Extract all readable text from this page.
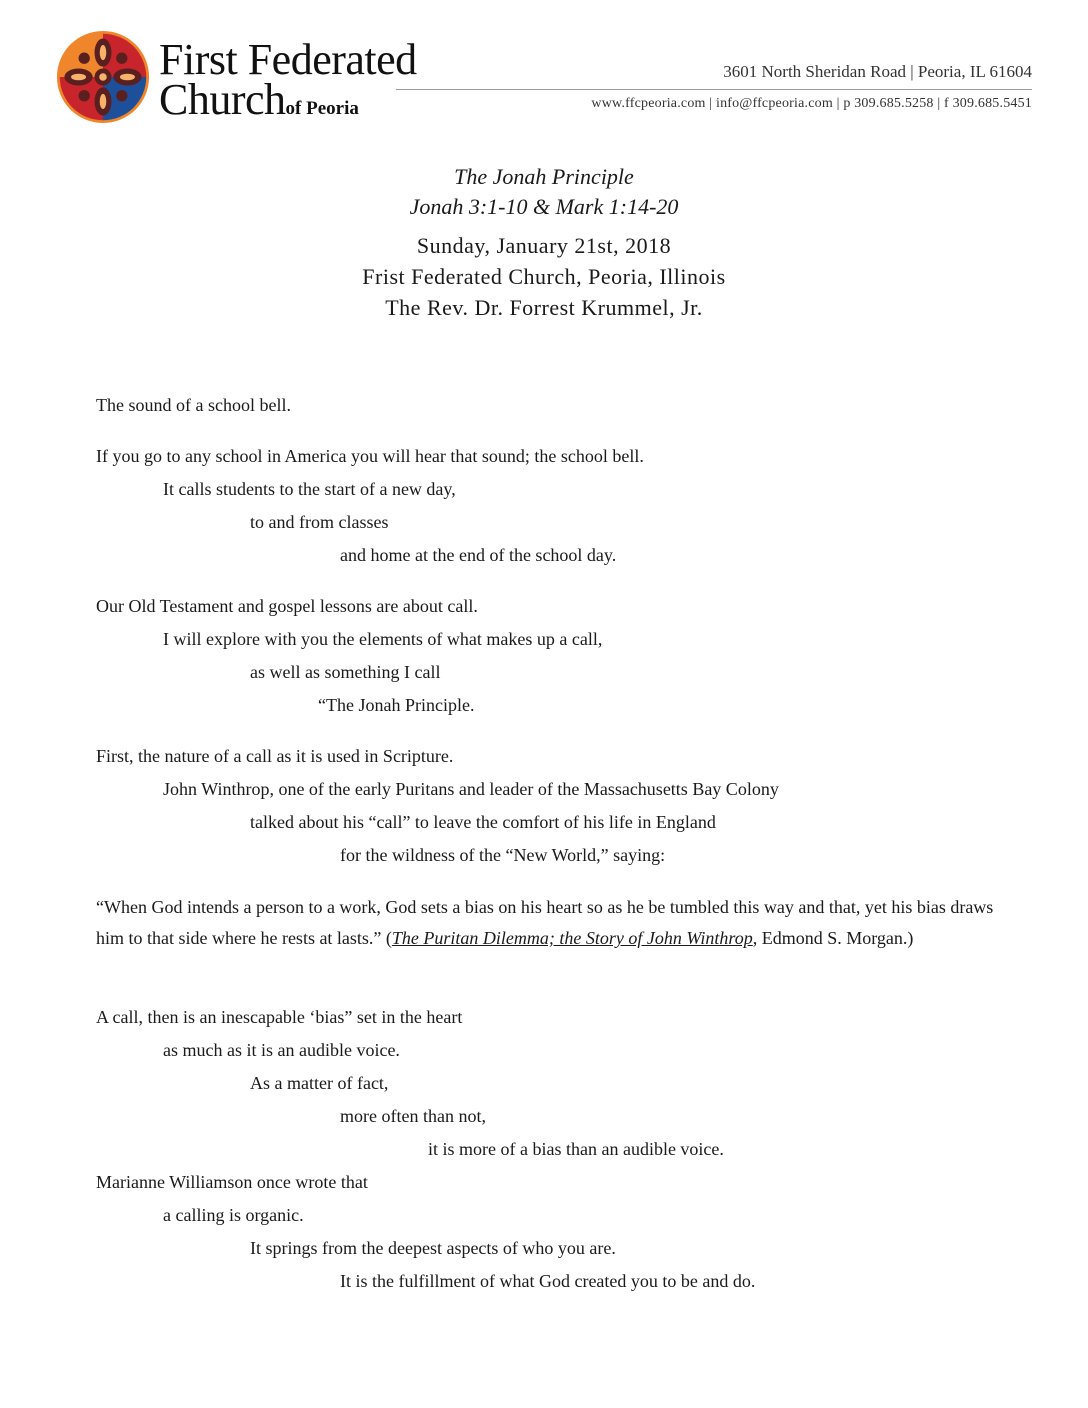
First Federated
Churchof Peoria
3601 North Sheridan Road | Peoria, IL 61604
www.ffcpeoria.com | info@ffcpeoria.com | p 309.685.5258 | f 309.685.5451
The Jonah Principle
Jonah 3:1-10 & Mark 1:14-20
Sunday, January 21st, 2018
Frist Federated Church, Peoria, Illinois
The Rev. Dr. Forrest Krummel, Jr.
The sound of a school bell.
If you go to any school in America you will hear that sound; the school bell.
It calls students to the start of a new day,
to and from classes
and home at the end of the school day.
Our Old Testament and gospel lessons are about call.
I will explore with you the elements of what makes up a call,
as well as something I call
“The Jonah Principle.
First, the nature of a call as it is used in Scripture.
John Winthrop, one of the early Puritans and leader of the Massachusetts Bay Colony
talked about his “call” to leave the comfort of his life in England
for the wildness of the “New World,” saying:
“When God intends a person to a work, God sets a bias on his heart so as he be tumbled this way and that, yet his bias draws him to that side where he rests at lasts.” (The Puritan Dilemma; the Story of John Winthrop, Edmond S. Morgan.)
A call, then is an inescapable ‘bias” set in the heart
as much as it is an audible voice.
As a matter of fact,
more often than not,
it is more of a bias than an audible voice.
Marianne Williamson once wrote that
a calling is organic.
It springs from the deepest aspects of who you are.
It is the fulfillment of what God created you to be and do.
